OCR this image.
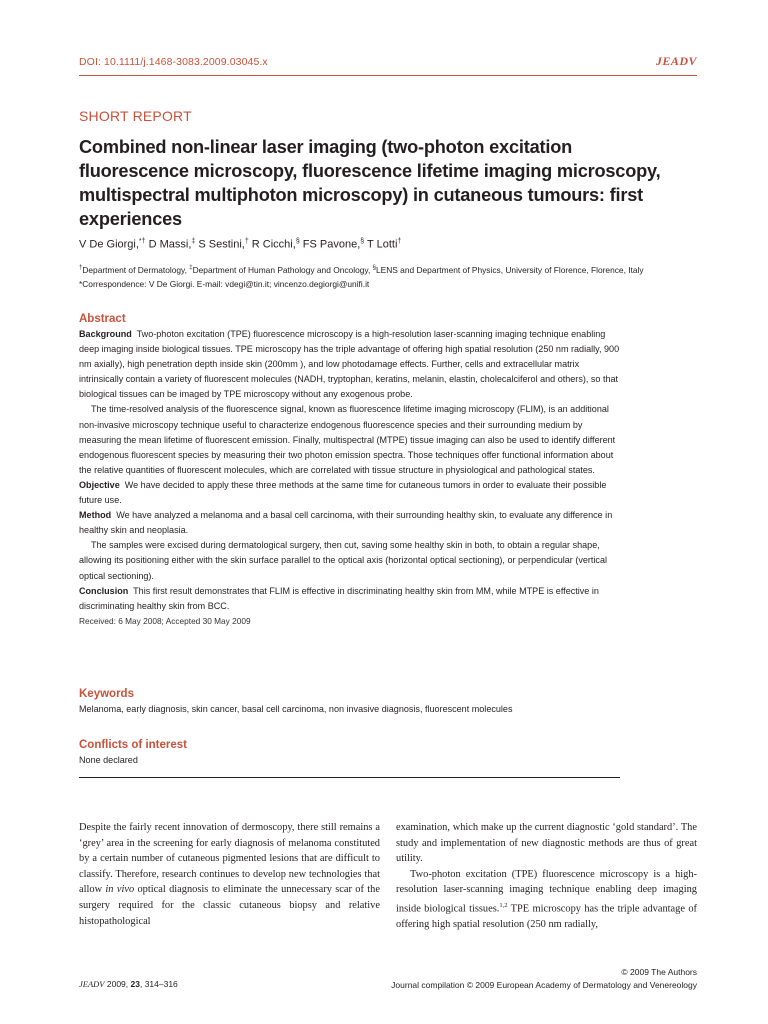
DOI: 10.1111/j.1468-3083.2009.03045.x	JEADV
SHORT REPORT
Combined non-linear laser imaging (two-photon excitation fluorescence microscopy, fluorescence lifetime imaging microscopy, multispectral multiphoton microscopy) in cutaneous tumours: first experiences
V De Giorgi,*† D Massi,‡ S Sestini,† R Cicchi,§ FS Pavone,§ T Lotti†
†Department of Dermatology, ‡Department of Human Pathology and Oncology, §LENS and Department of Physics, University of Florence, Florence, Italy
*Correspondence: V De Giorgi. E-mail: vdegi@tin.it; vincenzo.degiorgi@unifi.it
Abstract

Background Two-photon excitation (TPE) fluorescence microscopy is a high-resolution laser-scanning imaging technique enabling deep imaging inside biological tissues. TPE microscopy has the triple advantage of offering high spatial resolution (250 nm radially, 900 nm axially), high penetration depth inside skin (200mm ), and low photodamage effects. Further, cells and extracellular matrix intrinsically contain a variety of fluorescent molecules (NADH, tryptophan, keratins, melanin, elastin, cholecalciferol and others), so that biological tissues can be imaged by TPE microscopy without any exogenous probe.

The time-resolved analysis of the fluorescence signal, known as fluorescence lifetime imaging microscopy (FLIM), is an additional non-invasive microscopy technique useful to characterize endogenous fluorescence species and their surrounding medium by measuring the mean lifetime of fluorescent emission. Finally, multispectral (MTPE) tissue imaging can also be used to identify different endogenous fluorescent species by measuring their two photon emission spectra. Those techniques offer functional information about the relative quantities of fluorescent molecules, which are correlated with tissue structure in physiological and pathological states.

Objective We have decided to apply these three methods at the same time for cutaneous tumors in order to evaluate their possible future use.

Method We have analyzed a melanoma and a basal cell carcinoma, with their surrounding healthy skin, to evaluate any difference in healthy skin and neoplasia.

The samples were excised during dermatological surgery, then cut, saving some healthy skin in both, to obtain a regular shape, allowing its positioning either with the skin surface parallel to the optical axis (horizontal optical sectioning), or perpendicular (vertical optical sectioning).

Conclusion This first result demonstrates that FLIM is effective in discriminating healthy skin from MM, while MTPE is effective in discriminating healthy skin from BCC.

Received: 6 May 2008; Accepted 30 May 2009

Keywords

Melanoma, early diagnosis, skin cancer, basal cell carcinoma, non invasive diagnosis, fluorescent molecules

Conflicts of interest

None declared

Despite the fairly recent innovation of dermoscopy, there still remains a ‘grey’ area in the screening for early diagnosis of melanoma constituted by a certain number of cutaneous pigmented lesions that are difficult to classify. Therefore, research continues to develop new technologies that allow in vivo optical diagnosis to eliminate the unnecessary scar of the surgery required for the classic cutaneous biopsy and relative histopathological

examination, which make up the current diagnostic ‘gold standard’. The study and implementation of new diagnostic methods are thus of great utility.

Two-photon excitation (TPE) fluorescence microscopy is a high-resolution laser-scanning imaging technique enabling deep imaging inside biological tissues.$^{1,2}$ TPE microscopy has the triple advantage of offering high spatial resolution (250 nm radially,

JEADV 2009, 23, 314–316
© 2009 The Authors
Journal compilation © 2009 European Academy of Dermatology and Venereology
